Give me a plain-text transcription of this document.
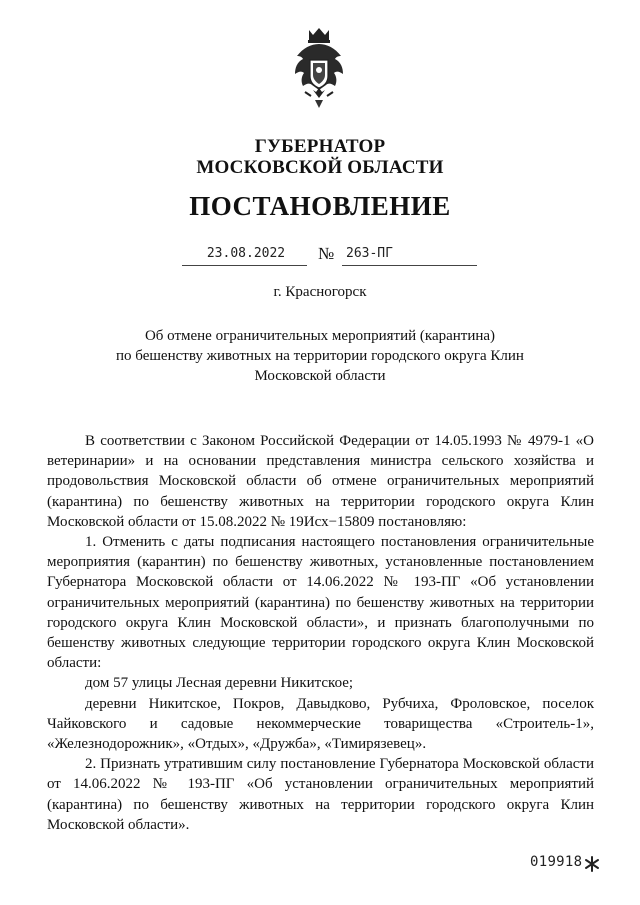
ГУБЕРНАТОР
МОСКОВСКОЙ ОБЛАСТИ
ПОСТАНОВЛЕНИЕ
23.08.2022	№ 263-ПГ
г. Красногорск
Об отмене ограничительных мероприятий (карантина)
по бешенству животных на территории городского округа Клин
Московской области

В соответствии с Законом Российской Федерации от 14.05.1993 № 4979-1 «О ветеринарии» и на основании представления министра сельского хозяйства и продовольствия Московской области об отмене ограничительных мероприятий (карантина) по бешенству животных на территории городского округа Клин Московской области от 15.08.2022 № 19Исх−15809 постановляю:

1. Отменить с даты подписания настоящего постановления ограничительные мероприятия (карантин) по бешенству животных, установленные постановлением Губернатора Московской области от 14.06.2022 № 193-ПГ «Об установлении ограничительных мероприятий (карантина) по бешенству животных на территории городского округа Клин Московской области», и признать благополучными по бешенству животных следующие территории городского округа Клин Московской области:

дом 57 улицы Лесная деревни Никитское;

деревни Никитское, Покров, Давыдково, Рубчиха, Фроловское, поселок Чайковского и садовые некоммерческие товарищества «Строитель-1», «Железнодорожник», «Отдых», «Дружба», «Тимирязевец».

2. Признать утратившим силу постановление Губернатора Московской области от 14.06.2022 № 193-ПГ «Об установлении ограничительных мероприятий (карантина) по бешенству животных на территории городского округа Клин Московской области».

019918
